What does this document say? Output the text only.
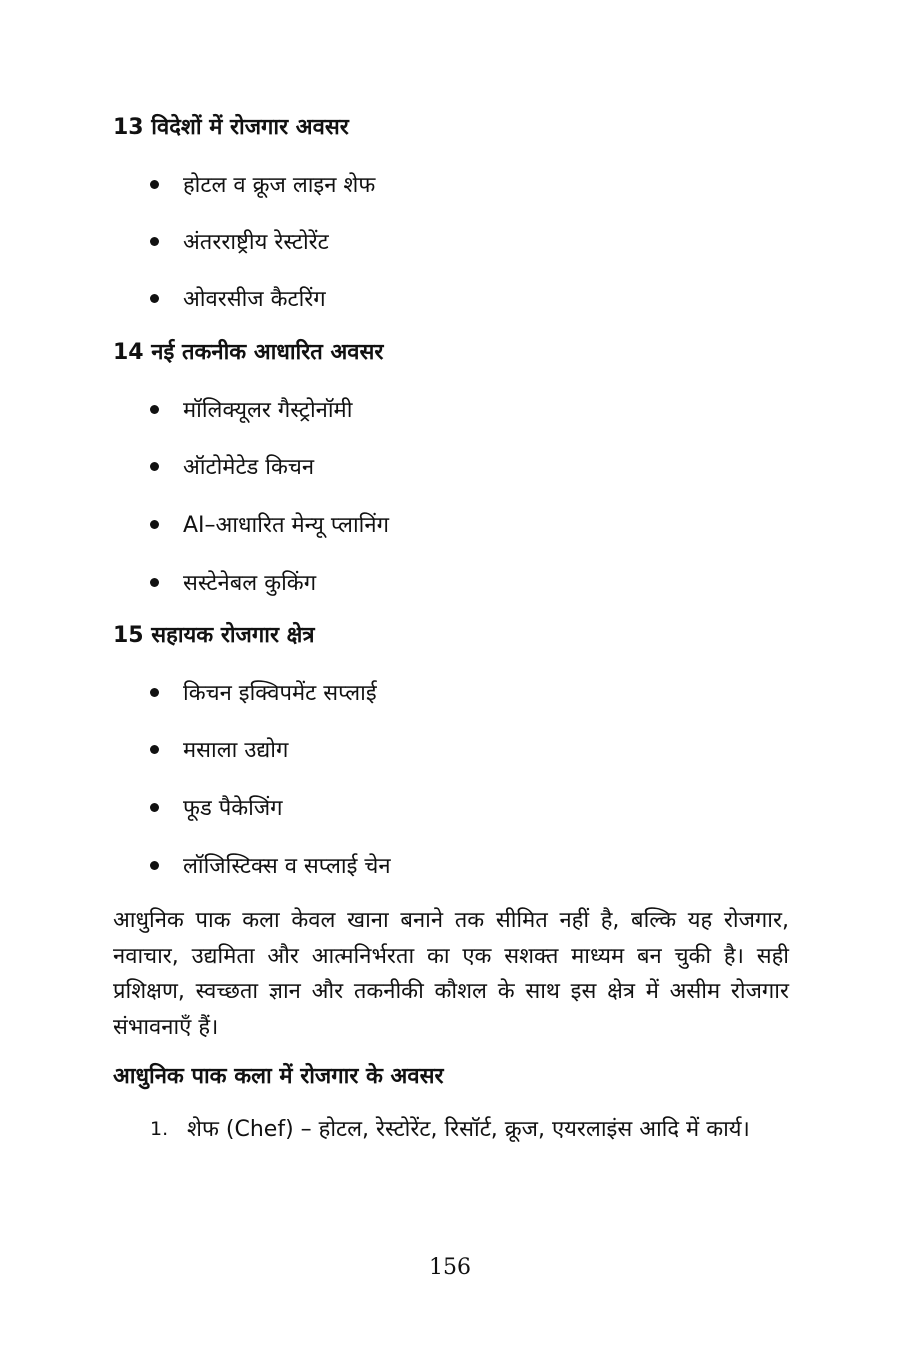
13 विदेशों में रोजगार अवसर
होटल व क्रूज लाइन शेफ
अंतरराष्ट्रीय रेस्टोरेंट
ओवरसीज कैटरिंग
14 नई तकनीक आधारित अवसर
मॉलिक्यूलर गैस्ट्रोनॉमी
ऑटोमेटेड किचन
AI–आधारित मेन्यू प्लानिंग
सस्टेनेबल कुकिंग
15 सहायक रोजगार क्षेत्र
किचन इक्विपमेंट सप्लाई
मसाला उद्योग
फूड पैकेजिंग
लॉजिस्टिक्स व सप्लाई चेन
आधुनिक पाक कला केवल खाना बनाने तक सीमित नहीं है, बल्कि यह रोजगार, नवाचार, उद्यमिता और आत्मनिर्भरता का एक सशक्त माध्यम बन चुकी है। सही प्रशिक्षण, स्वच्छता ज्ञान और तकनीकी कौशल के साथ इस क्षेत्र में असीम रोजगार संभावनाएँ हैं।
आधुनिक पाक कला में रोजगार के अवसर
1. शेफ (Chef) – होटल, रेस्टोरेंट, रिसॉर्ट, क्रूज, एयरलाइंस आदि में कार्य।
156
